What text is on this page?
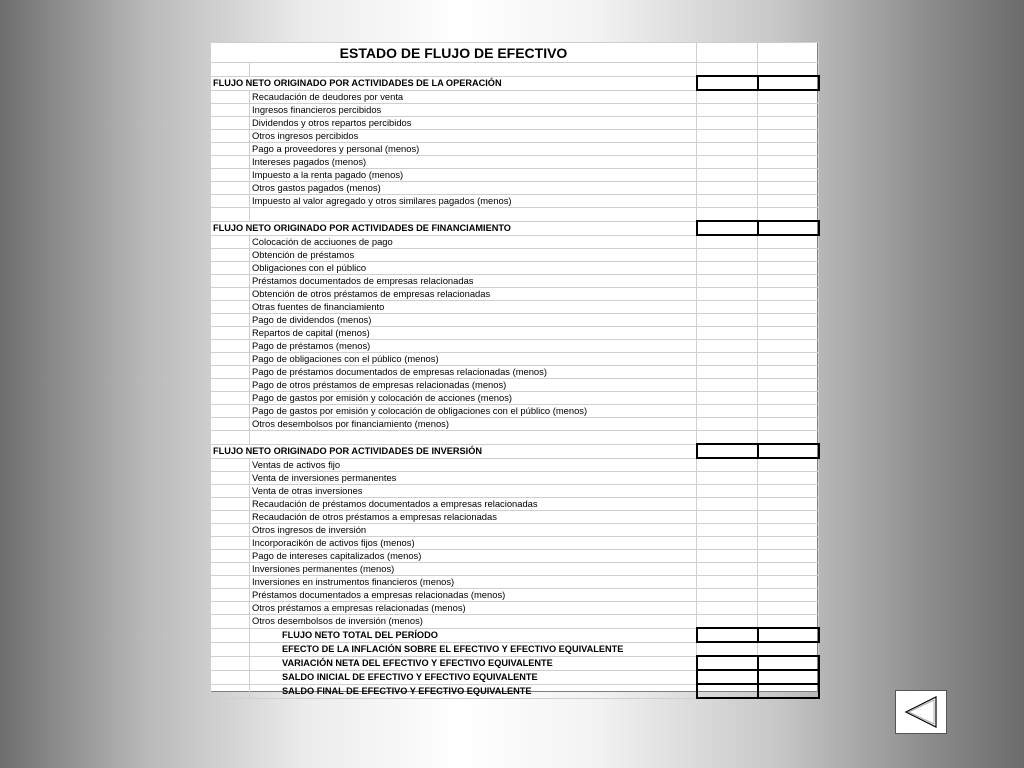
ESTADO DE FLUJO DE EFECTIVO			

FLUJO NETO ORIGINADO POR ACTIVIDADES DE LA OPERACIÓN			
	Recaudación de deudores por venta		
	Ingresos financieros percibidos		
	Dividendos y otros repartos percibidos		
	Otros ingresos percibidos		
	Pago a proveedores y personal (menos)		
	Intereses pagados (menos)		
	Impuesto a la renta pagado (menos)		
	Otros gastos pagados (menos)		
	Impuesto al valor agregado y otros similares pagados (menos)		

FLUJO NETO ORIGINADO POR ACTIVIDADES DE FINANCIAMIENTO			
	Colocación de acciuones de pago		
	Obtención de préstamos		
	Obligaciones con el público		
	Préstamos documentados de empresas relacionadas		
	Obtención de otros préstamos de empresas relacionadas		
	Otras fuentes de financiamiento		
	Pago de dividendos (menos)		
	Repartos de capital (menos)		
	Pago de préstamos (menos)		
	Pago de obligaciones con el público (menos)		
	Pago de préstamos documentados de empresas relacionadas (menos)		
	Pago de otros préstamos de empresas relacionadas (menos)		
	Pago de gastos por emisión y colocación de acciones (menos)		
	Pago de gastos por emisión y colocación de obligaciones con el público (menos)		
	Otros desembolsos por financiamiento (menos)		

FLUJO NETO ORIGINADO POR ACTIVIDADES DE INVERSIÓN			
	Ventas de activos fijo		
	Venta de inversiones permanentes		
	Venta de otras inversiones		
	Recaudación de préstamos documentados a empresas relacionadas		
	Recaudación de otros préstamos a empresas relacionadas		
	Otros ingresos de inversión		
	Incorporacikón de activos fijos (menos)		
	Pago de intereses capitalizados (menos)		
	Inversiones permanentes (menos)		
	Inversiones en instrumentos financieros (menos)		
	Préstamos documentados a empresas relacionadas (menos)		
	Otros préstamos a empresas relacionadas (menos)		
	Otros desembolsos de inversión (menos)		
	FLUJO NETO TOTAL DEL PERÍODO		
	EFECTO DE LA INFLACIÓN SOBRE EL EFECTIVO Y EFECTIVO EQUIVALENTE		
	VARIACIÓN NETA DEL EFECTIVO Y EFECTIVO EQUIVALENTE		
	SALDO INICIAL DE EFECTIVO Y EFECTIVO EQUIVALENTE		
	SALDO FINAL DE EFECTIVO Y EFECTIVO EQUIVALENTE		
